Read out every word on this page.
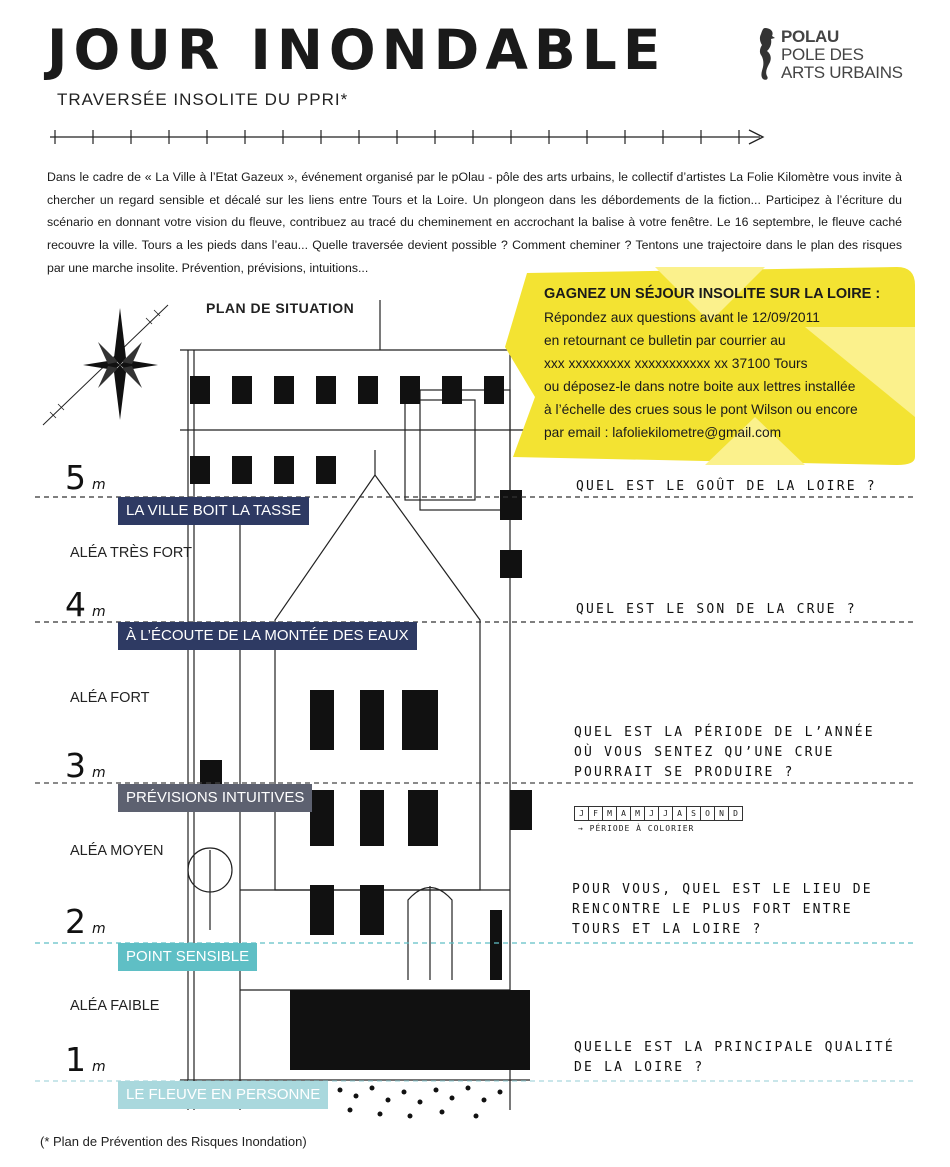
JOUR INONDABLE
TRAVERSÉE INSOLITE DU PPRI*
POLAU
POLE DES
ARTS URBAINS
Dans le cadre de « La Ville à l’Etat Gazeux », événement organisé par le pOlau - pôle des arts urbains, le collectif d’artistes La Folie Kilomètre vous invite à chercher un regard sensible et décalé sur les liens entre Tours et la Loire. Un plongeon dans les débordements de la fiction... Participez à l’écriture du scénario en donnant votre vision du fleuve, contribuez au tracé du cheminement en accrochant la balise à votre fenêtre. Le 16 septembre, le fleuve caché recouvre la ville. Tours a les pieds dans l’eau... Quelle traversée devient possible ? Comment cheminer ? Tentons une trajectoire dans le plan des risques par une marche insolite. Prévention, prévisions, intuitions...
PLAN DE SITUATION
GAGNEZ UN SÉJOUR INSOLITE SUR LA LOIRE :
Répondez aux questions avant le 12/09/2011
en retournant ce bulletin par courrier au
xxx xxxxxxxxx xxxxxxxxxxx xx 37100 Tours
ou déposez-le dans notre boite aux lettres installée
à l’échelle des crues sous le pont Wilson ou encore
par email : lafoliekilometre@gmail.com
5 m
4 m
3 m
2 m
1 m
LA VILLE BOIT LA TASSE
À L’ÉCOUTE DE LA MONTÉE DES EAUX
PRÉVISIONS INTUITIVES
POINT SENSIBLE
LE FLEUVE EN PERSONNE
ALÉA TRÈS FORT
ALÉA FORT
ALÉA MOYEN
ALÉA FAIBLE
QUEL EST LE GOÛT DE LA LOIRE ?
QUEL EST LE SON DE LA CRUE ?
QUEL EST LA PÉRIODE DE L’ANNÉE
OÙ VOUS SENTEZ QU’UNE CRUE
POURRAIT SE PRODUIRE ?
J F M A M J J A S O N D
→ PÉRIODE À COLORIER
POUR VOUS, QUEL EST LE LIEU DE
RENCONTRE LE PLUS FORT ENTRE
TOURS ET LA LOIRE ?
QUELLE EST LA PRINCIPALE QUALITÉ
DE LA LOIRE ?
(* Plan de Prévention des Risques Inondation)
